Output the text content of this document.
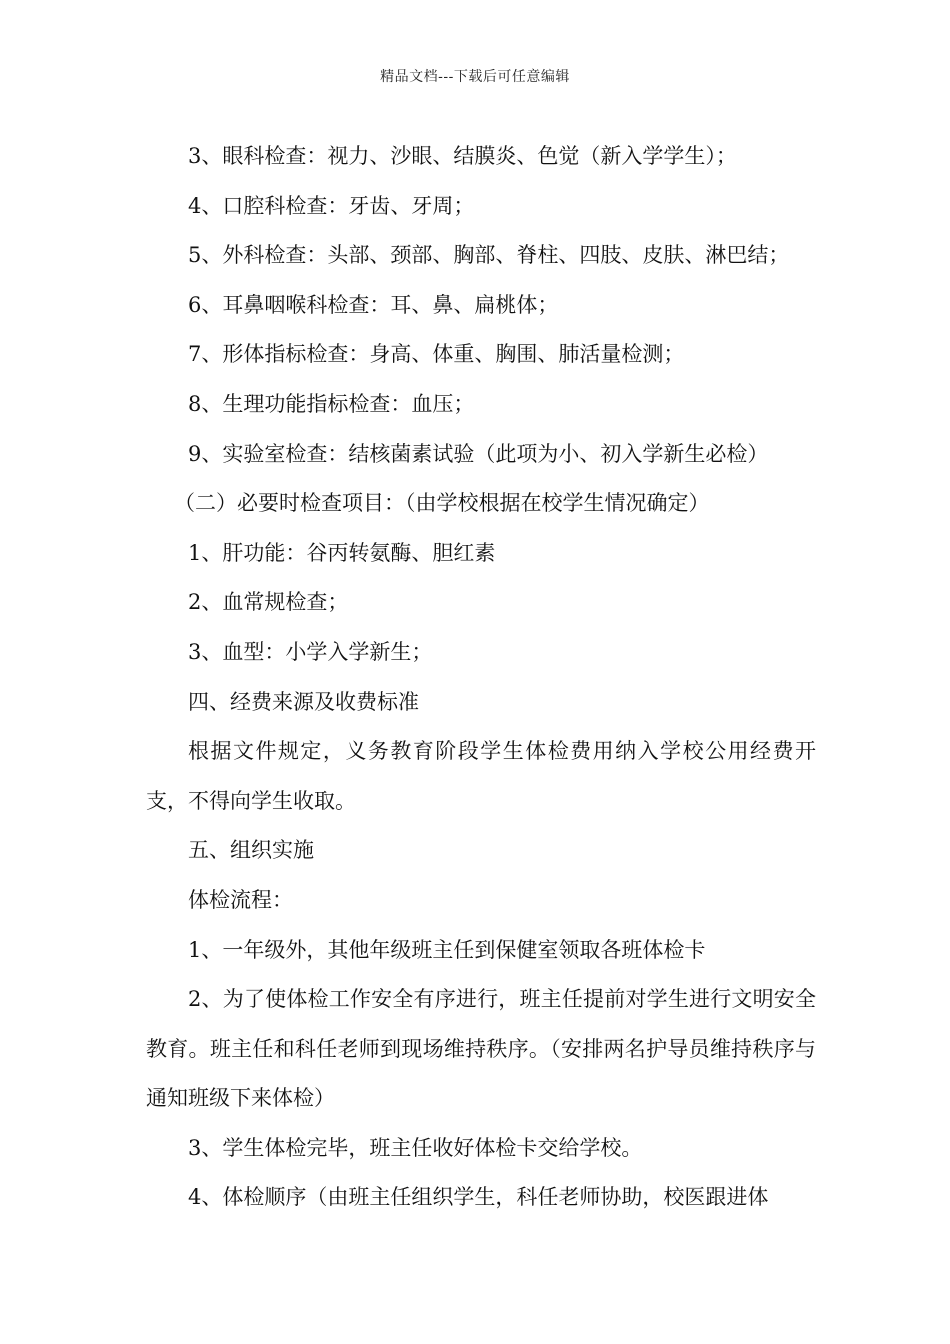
精品文档---下载后可任意编辑

3、眼科检查：视力、沙眼、结膜炎、色觉（新入学学生）；

4、口腔科检查：牙齿、牙周；

5、外科检查：头部、颈部、胸部、脊柱、四肢、皮肤、淋巴结；

6、耳鼻咽喉科检查：耳、鼻、扁桃体；

7、形体指标检查：身高、体重、胸围、肺活量检测；

8、生理功能指标检查：血压；

9、实验室检查：结核菌素试验（此项为小、初入学新生必检）

（二）必要时检查项目：（由学校根据在校学生情况确定）

1、肝功能：谷丙转氨酶、胆红素

2、血常规检查；

3、血型：小学入学新生；

四、经费来源及收费标准

根据文件规定，义务教育阶段学生体检费用纳入学校公用经费开支，不得向学生收取。

五、组织实施

体检流程：

1、一年级外，其他年级班主任到保健室领取各班体检卡

2、为了使体检工作安全有序进行，班主任提前对学生进行文明安全教育。班主任和科任老师到现场维持秩序。（安排两名护导员维持秩序与通知班级下来体检）

3、学生体检完毕，班主任收好体检卡交给学校。

4、体检顺序（由班主任组织学生，科任老师协助，校医跟进体
